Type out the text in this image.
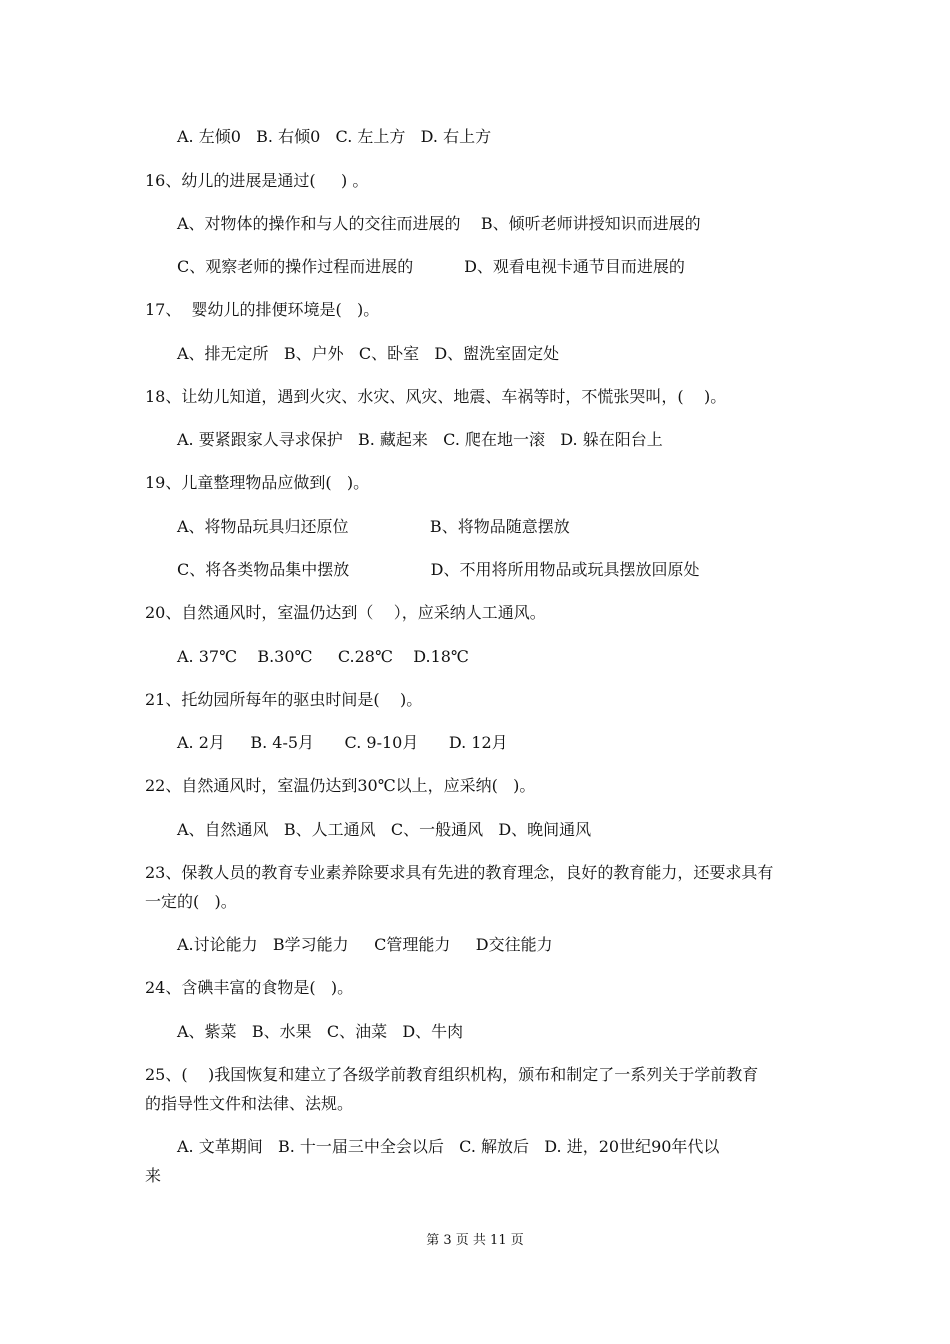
A. 左倾0   B. 右倾0   C. 左上方   D. 右上方
16、幼儿的进展是通过(     ) 。
A、对物体的操作和与人的交往而进展的    B、倾听老师讲授知识而进展的
C、观察老师的操作过程而进展的          D、观看电视卡通节目而进展的
17、  婴幼儿的排便环境是(   )。
A、排无定所   B、户外   C、卧室   D、盥洗室固定处
18、让幼儿知道，遇到火灾、水灾、风灾、地震、车祸等时，不慌张哭叫，(    )。
A. 要紧跟家人寻求保护   B. 藏起来   C. 爬在地一滚   D. 躲在阳台上
19、儿童整理物品应做到(   )。
A、将物品玩具归还原位                B、将物品随意摆放
C、将各类物品集中摆放                D、不用将所用物品或玩具摆放回原处
20、自然通风时，室温仍达到（    ），应采纳人工通风。
A. 37℃    B.30℃     C.28℃    D.18℃
21、托幼园所每年的驱虫时间是(    )。
A. 2月     B. 4-5月      C. 9-10月      D. 12月
22、自然通风时，室温仍达到30℃以上，应采纳(   )。
A、自然通风   B、人工通风   C、一般通风   D、晚间通风
23、保教人员的教育专业素养除要求具有先进的教育理念，良好的教育能力，还要求具有
一定的(   )。
A.讨论能力   B学习能力     C管理能力     D交往能力
24、含碘丰富的食物是(   )。
A、紫菜   B、水果   C、油菜   D、牛肉
25、(    )我国恢复和建立了各级学前教育组织机构，颁布和制定了一系列关于学前教育
的指导性文件和法律、法规。
A. 文革期间   B. 十一届三中全会以后   C. 解放后   D. 进，20世纪90年代以
来
第 3 页 共 11 页
